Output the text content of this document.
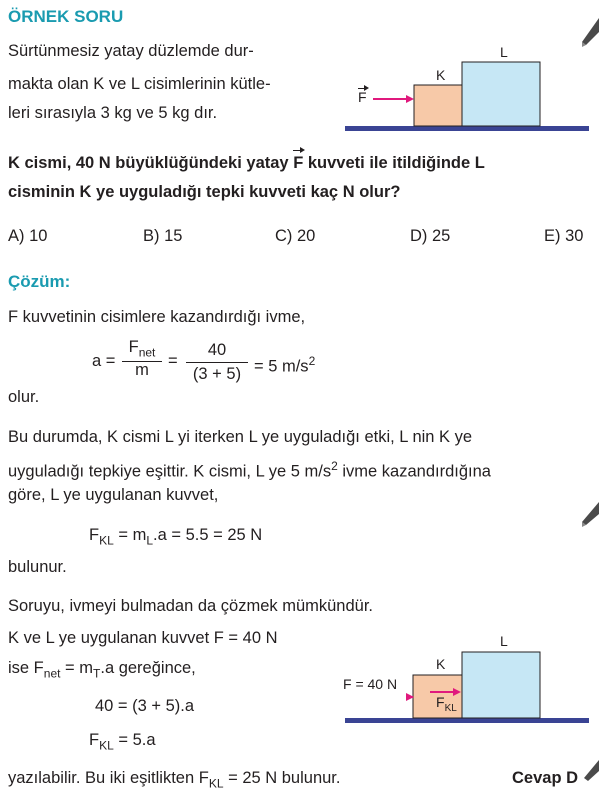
ÖRNEK SORU
Sürtünmesiz yatay düzlemde dur-
makta olan K ve L cisimlerinin kütle-
leri sırasıyla 3 kg ve 5 kg dır.
K
L
F
K cismi, 40 N büyüklüğündeki yatay F kuvveti ile itildiğinde L
cisminin K ye uyguladığı tepki kuvveti kaç N olur?
A) 10	B) 15	C) 20	D) 25	E) 30
Çözüm:
F kuvvetinin cisimlere kazandırdığı ivme,
a =
$F_{net}$
m	=
40
(3 + 5) = 5 $m/s^2$
olur.
Bu durumda, K cismi L yi iterken L ye uyguladığı etki, L nin K ye
uyguladığı tepkiye eşittir. K cismi, L ye 5 $m/s^2$ ivme kazandırdığına
göre, L ye uygulanan kuvvet,
$F_{KL} = m_L.a = 5.5 = 25$ N
bulunur.
Soruyu, ivmeyi bulmadan da çözmek mümkündür.
K ve L ye uygulanan kuvvet F = 40 N
ise $F_{net} = m_T.a$ gereğince,
40 = (3 + 5).a
$F_{KL} = 5.a$
K
L
F = 40 N
$F_{KL}$
yazılabilir. Bu iki eşitlikten $F_{KL} = 25$ N bulunur.	Cevap D
